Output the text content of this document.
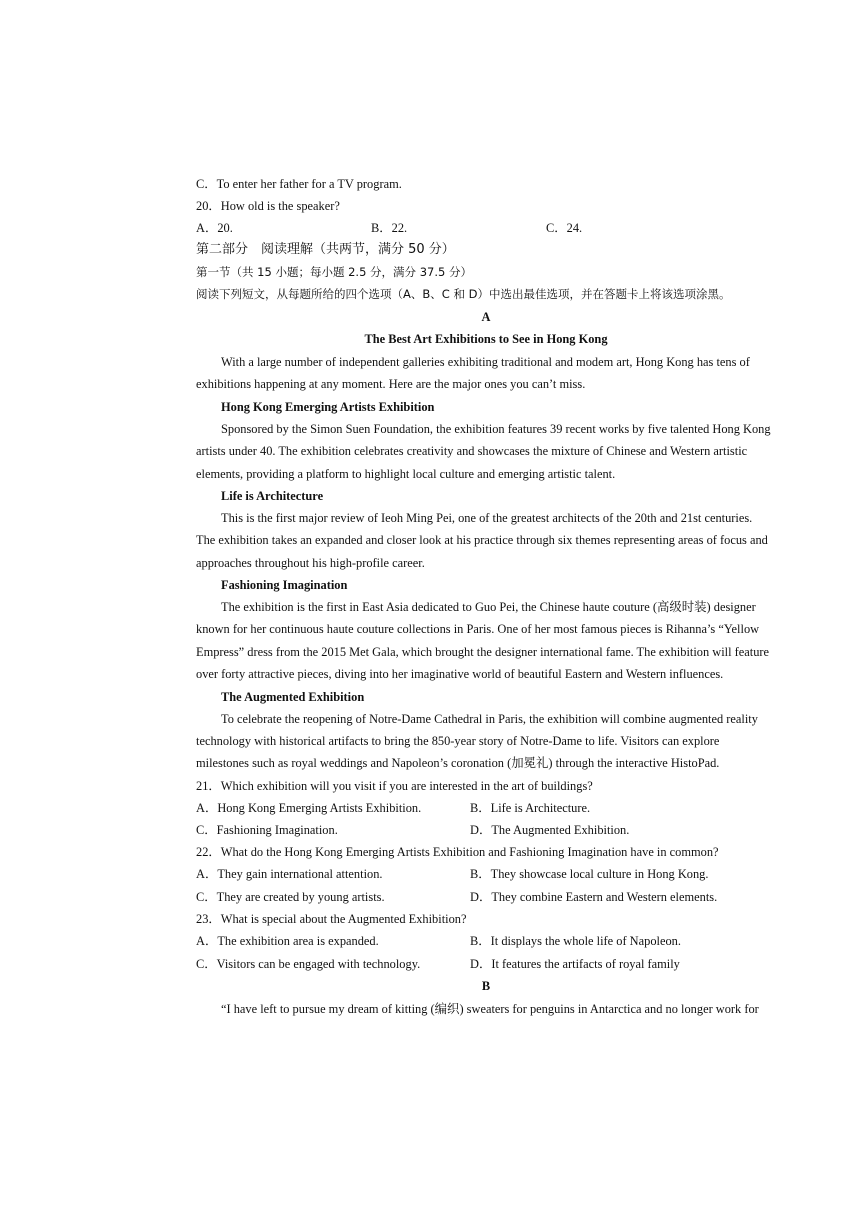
C．To enter her father for a TV program.
20．How old is the speaker?
A．20.	B．22.	C．24.
第二部分　阅读理解（共两节，满分 50 分）
第一节（共 15 小题；每小题 2.5 分，满分 37.5 分）
阅读下列短文，从每题所给的四个选项（A、B、C 和 D）中选出最佳选项，并在答题卡上将该选项涂黑。
A
The Best Art Exhibitions to See in Hong Kong
With a large number of independent galleries exhibiting traditional and modem art, Hong Kong has tens of
exhibitions happening at any moment. Here are the major ones you can’t miss.
Hong Kong Emerging Artists Exhibition
Sponsored by the Simon Suen Foundation, the exhibition features 39 recent works by five talented Hong Kong
artists under 40. The exhibition celebrates creativity and showcases the mixture of Chinese and Western artistic
elements, providing a platform to highlight local culture and emerging artistic talent.
Life is Architecture
This is the first major review of Ieoh Ming Pei, one of the greatest architects of the 20th and 21st centuries.
The exhibition takes an expanded and closer look at his practice through six themes representing areas of focus and
approaches throughout his high-profile career.
Fashioning Imagination
The exhibition is the first in East Asia dedicated to Guo Pei, the Chinese haute couture (高级时装) designer
known for her continuous haute couture collections in Paris. One of her most famous pieces is Rihanna’s “Yellow
Empress” dress from the 2015 Met Gala, which brought the designer international fame. The exhibition will feature
over forty attractive pieces, diving into her imaginative world of beautiful Eastern and Western influences.
The Augmented Exhibition
To celebrate the reopening of Notre-Dame Cathedral in Paris, the exhibition will combine augmented reality
technology with historical artifacts to bring the 850-year story of Notre-Dame to life. Visitors can explore
milestones such as royal weddings and Napoleon’s coronation (加冕礼) through the interactive HistoPad.
21．Which exhibition will you visit if you are interested in the art of buildings?
A．Hong Kong Emerging Artists Exhibition.	B．Life is Architecture.
C．Fashioning Imagination.	D．The Augmented Exhibition.
22．What do the Hong Kong Emerging Artists Exhibition and Fashioning Imagination have in common?
A．They gain international attention.	B．They showcase local culture in Hong Kong.
C．They are created by young artists.	D．They combine Eastern and Western elements.
23．What is special about the Augmented Exhibition?
A．The exhibition area is expanded.	B．It displays the whole life of Napoleon.
C．Visitors can be engaged with technology.	D．It features the artifacts of royal family
B
“I have left to pursue my dream of kitting (编织) sweaters for penguins in Antarctica and no longer work for
